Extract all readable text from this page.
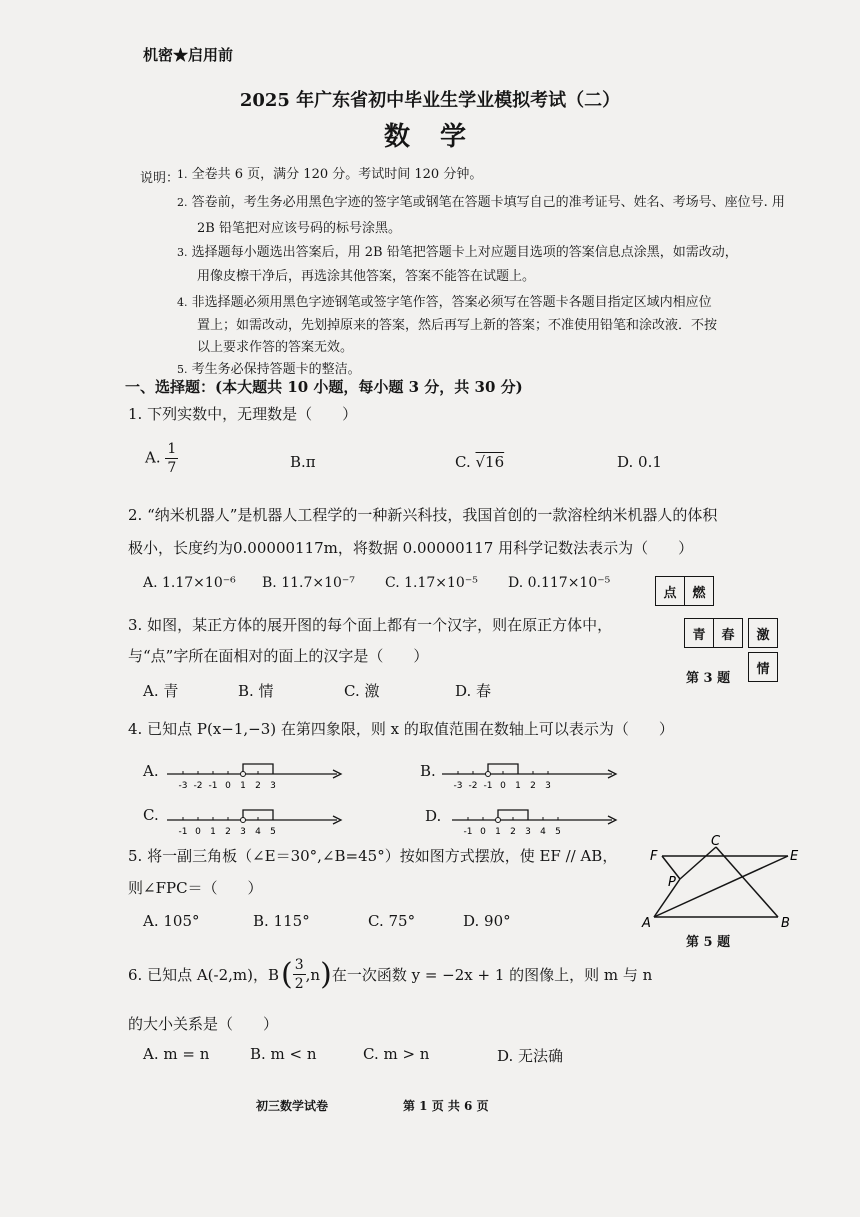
机密★启用前
2025 年广东省初中毕业生学业模拟考试（二）
数学
说明：
1. 全卷共 6 页，满分 120 分。考试时间 120 分钟。
2. 答卷前，考生务必用黑色字迹的签字笔或钢笔在答题卡填写自己的准考证号、姓名、考场号、座位号. 用
2B 铅笔把对应该号码的标号涂黑。
3. 选择题每小题选出答案后，用 2B 铅笔把答题卡上对应题目选项的答案信息点涂黑，如需改动，
用像皮檫干净后，再选涂其他答案，答案不能答在试题上。
4. 非选择题必须用黑色字迹钢笔或签字笔作答，答案必须写在答题卡各题目指定区域内相应位
置上；如需改动，先划掉原来的答案，然后再写上新的答案；不准使用铅笔和涂改液．不按
以上要求作答的答案无效。
5. 考生务必保持答题卡的整洁。
一、选择题：(本大题共 10 小题，每小题 3 分，共 30 分)
1. 下列实数中，无理数是（　　）
A. $\frac{1}{7}$	B.π	C. √16	D. 0.1
2. “纳米机器人”是机器人工程学的一种新兴科技，我国首创的一款溶栓纳米机器人的体积
极小，长度约为0.00000117m，将数据 0.00000117 用科学记数法表示为（　　）
A. 1.17×10⁻⁶ B. 11.7×10⁻⁷ C. 1.17×10⁻⁵ D. 0.117×10⁻⁵
3. 如图，某正方体的展开图的每个面上都有一个汉字，则在原正方体中，
与“点”字所在面相对的面上的汉字是（　　）
A. 青	B. 情	C. 激	D. 春
点	燃
青	春	激
情
第 3 题
4. 已知点 P(x−1,−3) 在第四象限，则 x 的取值范围在数轴上可以表示为（　　）
A.	B.
C.	D.
-3 -2 -1 0 1 2 3	-3 -2 -1 0 1 2 3
-1 0 1 2 3 4 5	-1 0 1 2 3 4 5
5. 将一副三角板（∠E＝30°,∠B=45°）按如图方式摆放，使 EF // AB，
则∠FPC＝（　　）
A. 105°	B. 115°	C. 75°	D. 90°
F
C
E
P
A	B
第 5 题
6. 已知点 A(-2,m)，B ( $\frac{3}{2} ,n$ ) 在一次函数 y = −2x + 1 的图像上，则 m 与 n
的大小关系是（　　）
A. m = n	B. m < n	C. m > n	D. 无法确
初三数学试卷	第 1 页 共 6 页
